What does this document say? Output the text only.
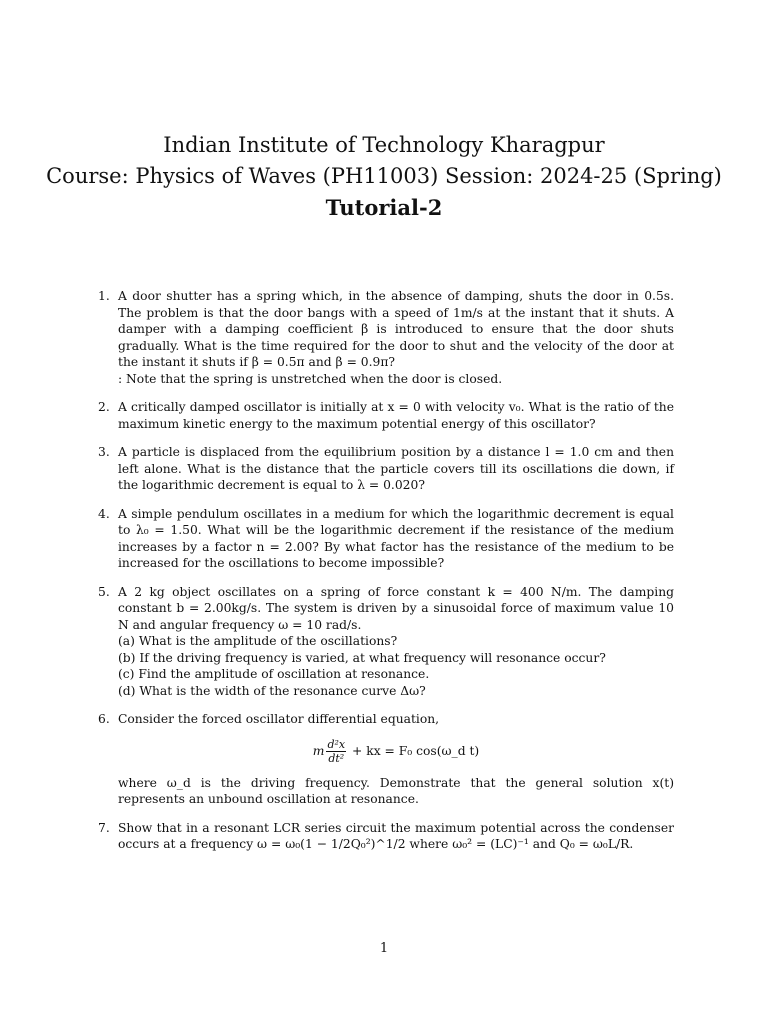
Indian Institute of Technology Kharagpur
Course: Physics of Waves (PH11003) Session: 2024-25 (Spring)
Tutorial-2
1. A door shutter has a spring which, in the absence of damping, shuts the door in 0.5s. The problem is that the door bangs with a speed of 1m/s at the instant that it shuts. A damper with a damping coefficient β is introduced to ensure that the door shuts gradually. What is the time required for the door to shut and the velocity of the door at the instant it shuts if β = 0.5π and β = 0.9π?
: Note that the spring is unstretched when the door is closed.
2. A critically damped oscillator is initially at x = 0 with velocity v₀. What is the ratio of the maximum kinetic energy to the maximum potential energy of this oscillator?
3. A particle is displaced from the equilibrium position by a distance l = 1.0 cm and then left alone. What is the distance that the particle covers till its oscillations die down, if the logarithmic decrement is equal to λ = 0.020?
4. A simple pendulum oscillates in a medium for which the logarithmic decrement is equal to λ₀ = 1.50. What will be the logarithmic decrement if the resistance of the medium increases by a factor n = 2.00? By what factor has the resistance of the medium to be increased for the oscillations to become impossible?
5. A 2 kg object oscillates on a spring of force constant k = 400 N/m. The damping constant b = 2.00kg/s. The system is driven by a sinusoidal force of maximum value 10 N and angular frequency ω = 10 rad/s.
(a) What is the amplitude of the oscillations?
(b) If the driving frequency is varied, at what frequency will resonance occur?
(c) Find the amplitude of oscillation at resonance.
(d) What is the width of the resonance curve Δω?
6. Consider the forced oscillator differential equation,
m $\frac{\text{d²x}}{\text{dt²}}$ + kx = F₀ cos(ω_d t)
where ω_d is the driving frequency. Demonstrate that the general solution x(t) represents an unbound oscillation at resonance.
7. Show that in a resonant LCR series circuit the maximum potential across the condenser occurs at a frequency ω = ω₀(1 − 1/2Q₀²)^1/2 where ω₀² = (LC)⁻¹ and Q₀ = ω₀L/R.
1
